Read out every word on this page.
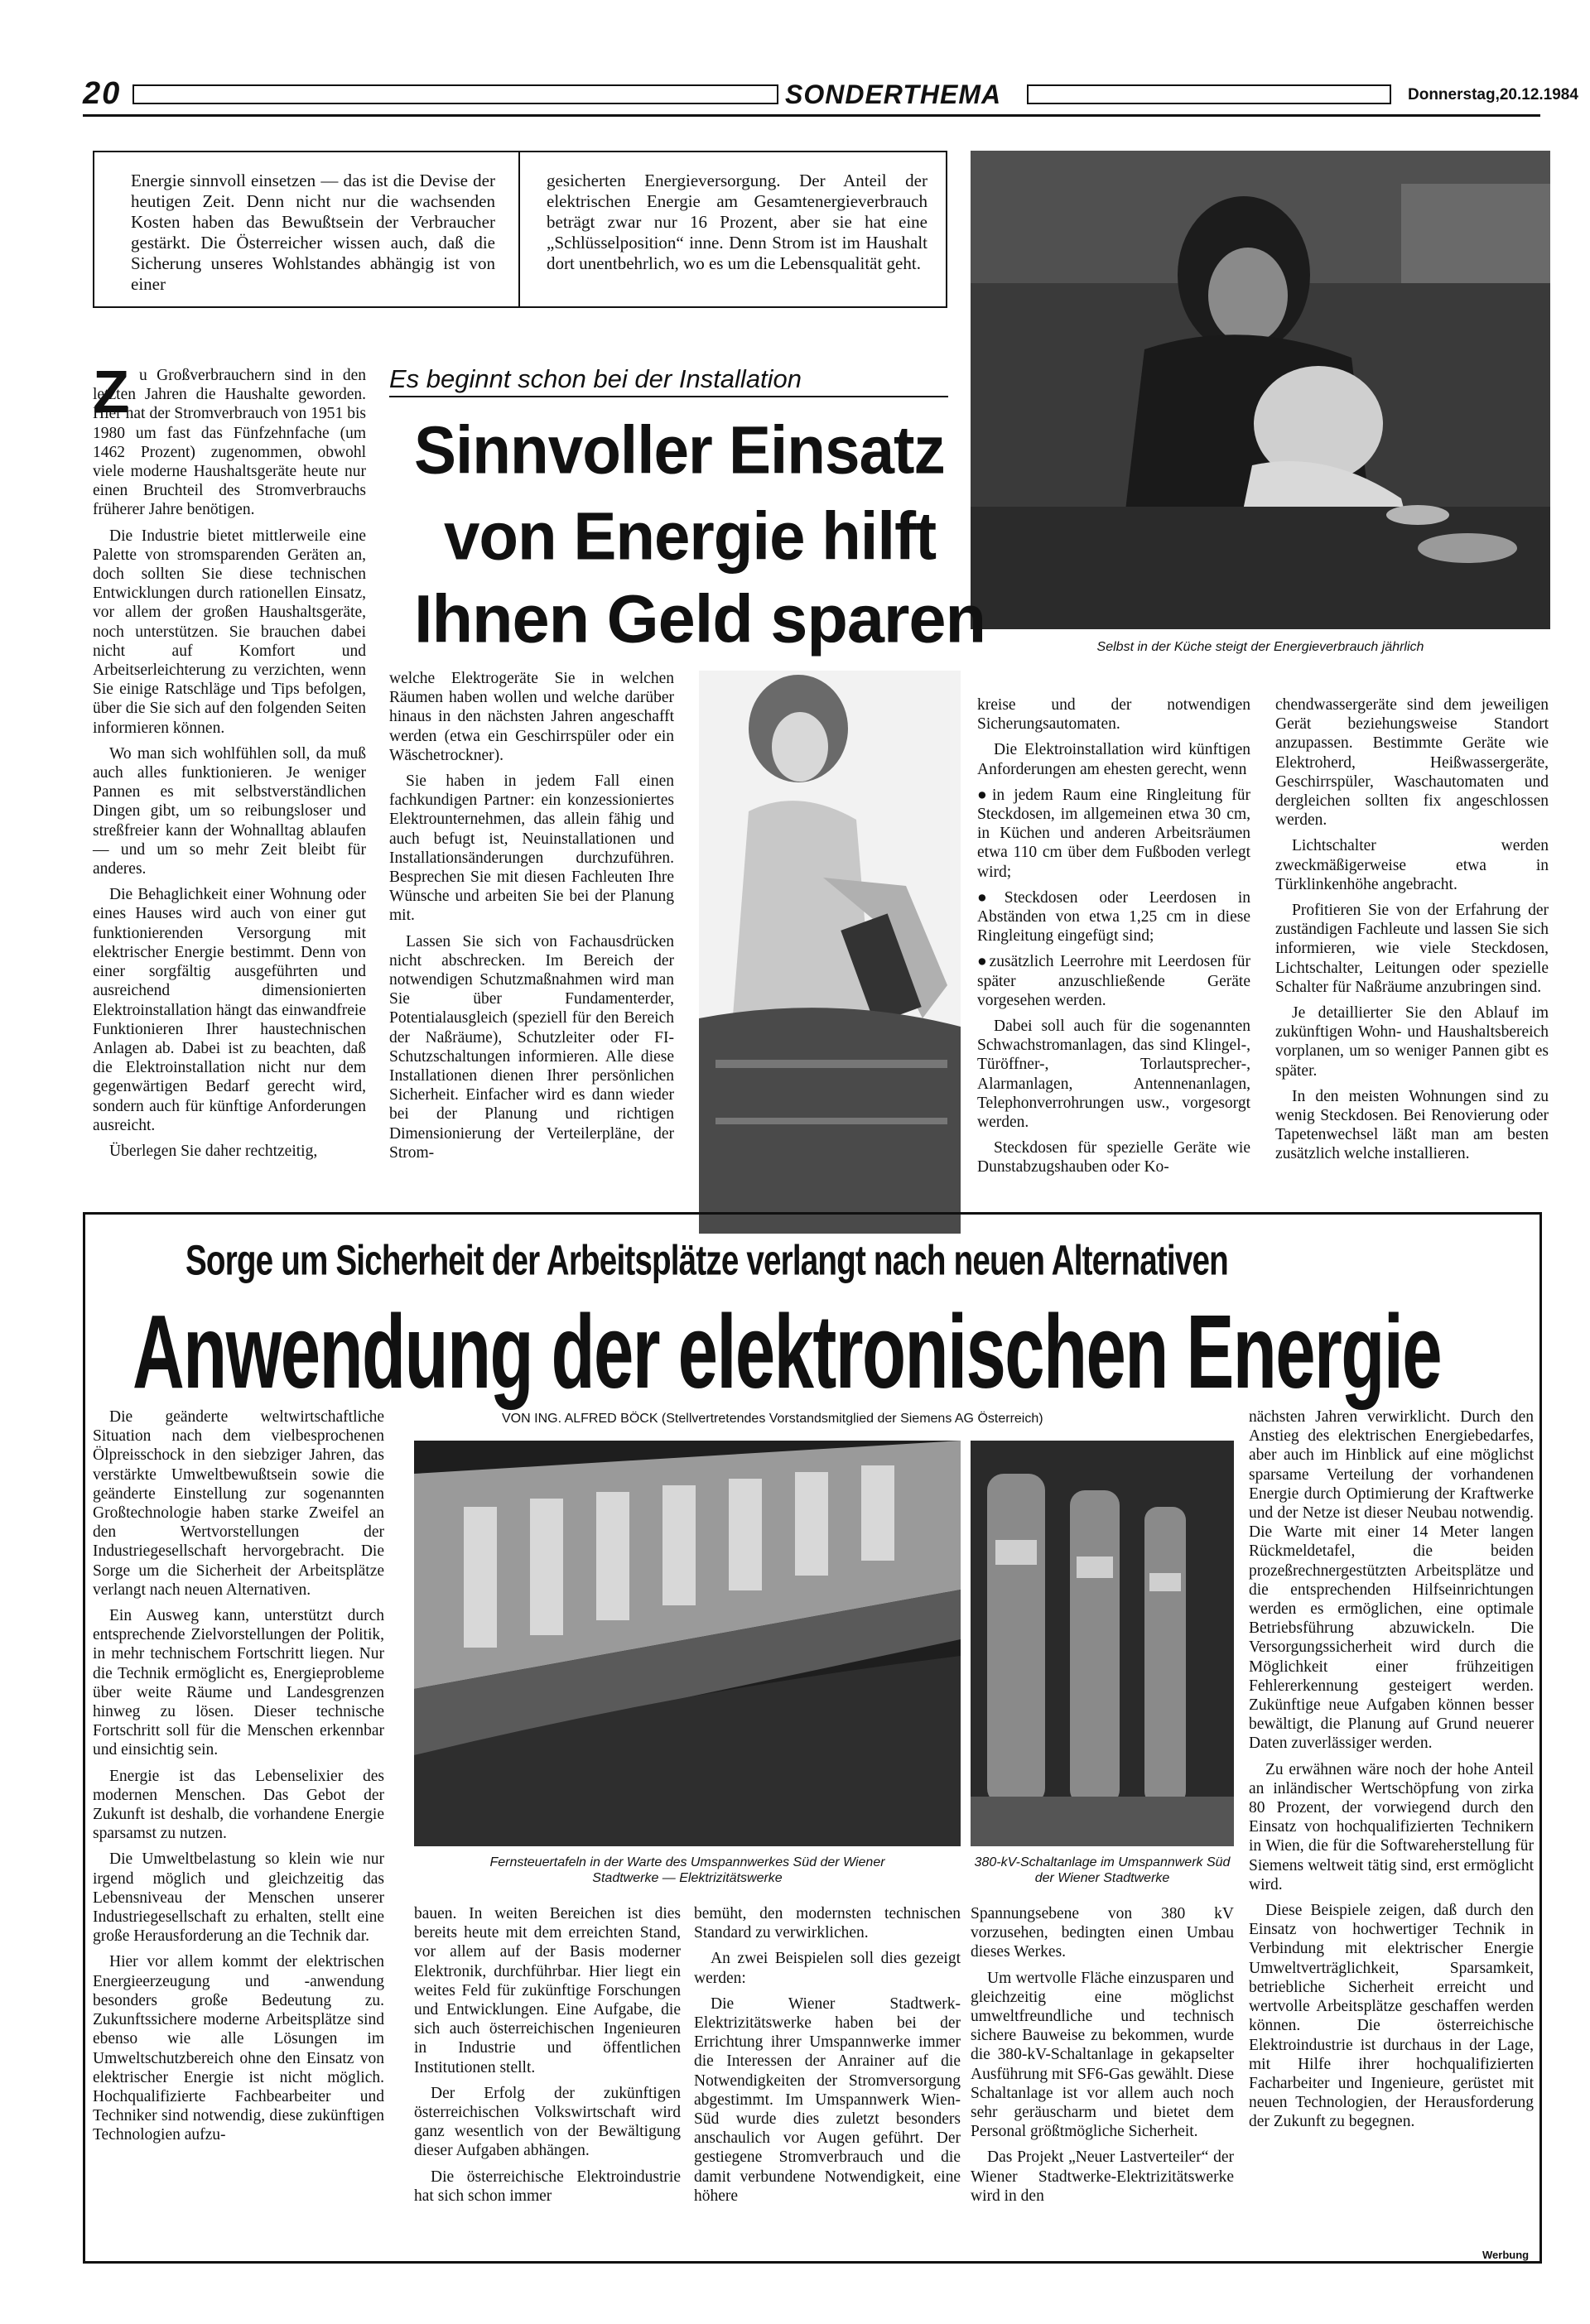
20	SONDERTHEMA	Donnerstag,20.12.1984
Energie sinnvoll einsetzen — das ist die Devise der heutigen Zeit. Denn nicht nur die wachsenden Kosten haben das Bewußtsein der Verbraucher gestärkt. Die Österreicher wissen auch, daß die Sicherung unseres Wohlstandes abhängig ist von einer
gesicherten Energieversorgung. Der Anteil der elektrischen Energie am Gesamtenergieverbrauch beträgt zwar nur 16 Prozent, aber sie hat eine „Schlüsselposition“ inne. Denn Strom ist im Haushalt dort unentbehrlich, wo es um die Lebensqualität geht.
Selbst in der Küche steigt der Energieverbrauch jährlich
Es beginnt schon bei der Installation
Sinnvoller Einsatz
von Energie hilft
Ihnen Geld sparen
Z u Großverbrauchern sind in den letzten Jahren die Haushalte geworden. Hier hat der Stromverbrauch von 1951 bis 1980 um fast das Fünfzehnfache (um 1462 Prozent) zugenommen, obwohl viele moderne Haushaltsgeräte heute nur einen Bruchteil des Stromverbrauchs früherer Jahre benötigen.

Die Industrie bietet mittlerweile eine Palette von stromsparenden Geräten an, doch sollten Sie diese technischen Entwicklungen durch rationellen Einsatz, vor allem der großen Haushaltsgeräte, noch unterstützen. Sie brauchen dabei nicht auf Komfort und Arbeitserleichterung zu verzichten, wenn Sie einige Ratschläge und Tips befolgen, über die Sie sich auf den folgenden Seiten informieren können.

Wo man sich wohlfühlen soll, da muß auch alles funktionieren. Je weniger Pannen es mit selbstverständlichen Dingen gibt, um so reibungsloser und streßfreier kann der Wohnalltag ablaufen — und um so mehr Zeit bleibt für anderes.

Die Behaglichkeit einer Wohnung oder eines Hauses wird auch von einer gut funktionierenden Versorgung mit elektrischer Energie bestimmt. Denn von einer sorgfältig ausgeführten und ausreichend dimensionierten Elektroinstallation hängt das einwandfreie Funktionieren Ihrer haustechnischen Anlagen ab. Dabei ist zu beachten, daß die Elektroinstallation nicht nur dem gegenwärtigen Bedarf gerecht wird, sondern auch für künftige Anforderungen ausreicht.

Überlegen Sie daher rechtzeitig,

welche Elektrogeräte Sie in welchen Räumen haben wollen und welche darüber hinaus in den nächsten Jahren angeschafft werden (etwa ein Geschirrspüler oder ein Wäschetrockner).

Sie haben in jedem Fall einen fachkundigen Partner: ein konzessioniertes Elektrounternehmen, das allein fähig und auch befugt ist, Neuinstallationen und Installationsänderungen durchzuführen. Besprechen Sie mit diesen Fachleuten Ihre Wünsche und arbeiten Sie bei der Planung mit.

Lassen Sie sich von Fachausdrücken nicht abschrecken. Im Bereich der notwendigen Schutzmaßnahmen wird man Sie über Fundamenterder, Potentialausgleich (speziell für den Bereich der Naßräume), Schutzleiter oder FI-Schutzschaltungen informieren. Alle diese Installationen dienen Ihrer persönlichen Sicherheit. Einfacher wird es dann wieder bei der Planung und richtigen Dimensionierung der Verteilerpläne, der Strom-

kreise und der notwendigen Sicherungsautomaten.

Die Elektroinstallation wird künftigen Anforderungen am ehesten gerecht, wenn

● in jedem Raum eine Ringleitung für Steckdosen, im allgemeinen etwa 30 cm, in Küchen und anderen Arbeitsräumen etwa 110 cm über dem Fußboden verlegt wird;

● Steckdosen oder Leerdosen in Abständen von etwa 1,25 cm in diese Ringleitung eingefügt sind;

● zusätzlich Leerrohre mit Leerdosen für später anzuschließende Geräte vorgesehen werden.

Dabei soll auch für die sogenannten Schwachstromanlagen, das sind Klingel-, Türöffner-, Torlautsprecher-, Alarmanlagen, Antennenanlagen, Telephonverrohrungen usw., vorgesorgt werden.

Steckdosen für spezielle Geräte wie Dunstabzugshauben oder Ko-

chendwassergeräte sind dem jeweiligen Gerät beziehungsweise Standort anzupassen. Bestimmte Geräte wie Elektroherd, Heißwassergeräte, Geschirrspüler, Waschautomaten und dergleichen sollten fix angeschlossen werden.

Lichtschalter werden zweckmäßigerweise etwa in Türklinkenhöhe angebracht.

Profitieren Sie von der Erfahrung der zuständigen Fachleute und lassen Sie sich informieren, wie viele Steckdosen, Lichtschalter, Leitungen oder spezielle Schalter für Naßräume anzubringen sind.

Je detaillierter Sie den Ablauf im zukünftigen Wohn- und Haushaltsbereich vorplanen, um so weniger Pannen gibt es später.

In den meisten Wohnungen sind zu wenig Steckdosen. Bei Renovierung oder Tapetenwechsel läßt man am besten zusätzlich welche installieren.

Sorge um Sicherheit der Arbeitsplätze verlangt nach neuen Alternativen
Anwendung der elektronischen Energie
VON ING. ALFRED BÖCK (Stellvertretendes Vorstandsmitglied der Siemens AG Österreich)
Fernsteuertafeln in der Warte des Umspannwerkes Süd der Wiener Stadtwerke — Elektrizitätswerke
380-kV-Schaltanlage im Umspannwerk Süd der Wiener Stadtwerke

Die geänderte weltwirtschaftliche Situation nach dem vielbesprochenen Ölpreisschock in den siebziger Jahren, das verstärkte Umweltbewußtsein sowie die geänderte Einstellung zur sogenannten Großtechnologie haben starke Zweifel an den Wertvorstellungen der Industriegesellschaft hervorgebracht. Die Sorge um die Sicherheit der Arbeitsplätze verlangt nach neuen Alternativen.

Ein Ausweg kann, unterstützt durch entsprechende Zielvorstellungen der Politik, in mehr technischem Fortschritt liegen. Nur die Technik ermöglicht es, Energieprobleme über weite Räume und Landesgrenzen hinweg zu lösen. Dieser technische Fortschritt soll für die Menschen erkennbar und einsichtig sein.

Energie ist das Lebenselixier des modernen Menschen. Das Gebot der Zukunft ist deshalb, die vorhandene Energie sparsamst zu nutzen.

Die Umweltbelastung so klein wie nur irgend möglich und gleichzeitig das Lebensniveau der Menschen unserer Industriegesellschaft zu erhalten, stellt eine große Herausforderung an die Technik dar.

Hier vor allem kommt der elektrischen Energieerzeugung und -anwendung besonders große Bedeutung zu. Zukunftssichere moderne Arbeitsplätze sind ebenso wie alle Lösungen im Umweltschutzbereich ohne den Einsatz von elektrischer Energie ist nicht möglich. Hochqualifizierte Fachbearbeiter und Techniker sind notwendig, diese zukünftigen Technologien aufzu-

bauen. In weiten Bereichen ist dies bereits heute mit dem erreichten Stand, vor allem auf der Basis moderner Elektronik, durchführbar. Hier liegt ein weites Feld für zukünftige Forschungen und Entwicklungen. Eine Aufgabe, die sich auch österreichischen Ingenieuren in Industrie und öffentlichen Institutionen stellt.

Der Erfolg der zukünftigen österreichischen Volkswirtschaft wird ganz wesentlich von der Bewältigung dieser Aufgaben abhängen.

Die österreichische Elektroindustrie hat sich schon immer

bemüht, den modernsten technischen Standard zu verwirklichen.

An zwei Beispielen soll dies gezeigt werden:

Die Wiener Stadtwerk-Elektrizitätswerke haben bei der Errichtung ihrer Umspannwerke immer die Interessen der Anrainer auf die Notwendigkeiten der Stromversorgung abgestimmt. Im Umspannwerk Wien-Süd wurde dies zuletzt besonders anschaulich vor Augen geführt. Der gestiegene Stromverbrauch und die damit verbundene Notwendigkeit, eine höhere

Spannungsebene von 380 kV vorzusehen, bedingten einen Umbau dieses Werkes.

Um wertvolle Fläche einzusparen und gleichzeitig eine möglichst umweltfreundliche und technisch sichere Bauweise zu bekommen, wurde die 380-kV-Schaltanlage in gekapselter Ausführung mit SF6-Gas gewählt. Diese Schaltanlage ist vor allem auch noch sehr geräuscharm und bietet dem Personal größtmögliche Sicherheit.

Das Projekt „Neuer Lastverteiler“ der Wiener Stadtwerke-Elektrizitätswerke wird in den

nächsten Jahren verwirklicht. Durch den Anstieg des elektrischen Energiebedarfes, aber auch im Hinblick auf eine möglichst sparsame Verteilung der vorhandenen Energie durch Optimierung der Kraftwerke und der Netze ist dieser Neubau notwendig. Die Warte mit einer 14 Meter langen Rückmeldetafel, die beiden prozeßrechnergestützten Arbeitsplätze und die entsprechenden Hilfseinrichtungen werden es ermöglichen, eine optimale Betriebsführung abzuwickeln. Die Versorgungssicherheit wird durch die Möglichkeit einer frühzeitigen Fehlererkennung gesteigert werden. Zukünftige neue Aufgaben können besser bewältigt, die Planung auf Grund neuerer Daten zuverlässiger werden.

Zu erwähnen wäre noch der hohe Anteil an inländischer Wertschöpfung von zirka 80 Prozent, der vorwiegend durch den Einsatz von hochqualifizierten Technikern in Wien, die für die Softwareherstellung für Siemens weltweit tätig sind, erst ermöglicht wird.

Diese Beispiele zeigen, daß durch den Einsatz von hochwertiger Technik in Verbindung mit elektrischer Energie Umweltverträglichkeit, Sparsamkeit, betriebliche Sicherheit erreicht und wertvolle Arbeitsplätze geschaffen werden können. Die österreichische Elektroindustrie ist durchaus in der Lage, mit Hilfe ihrer hochqualifizierten Facharbeiter und Ingenieure, gerüstet mit neuen Technologien, der Herausforderung der Zukunft zu begegnen.

Werbung
